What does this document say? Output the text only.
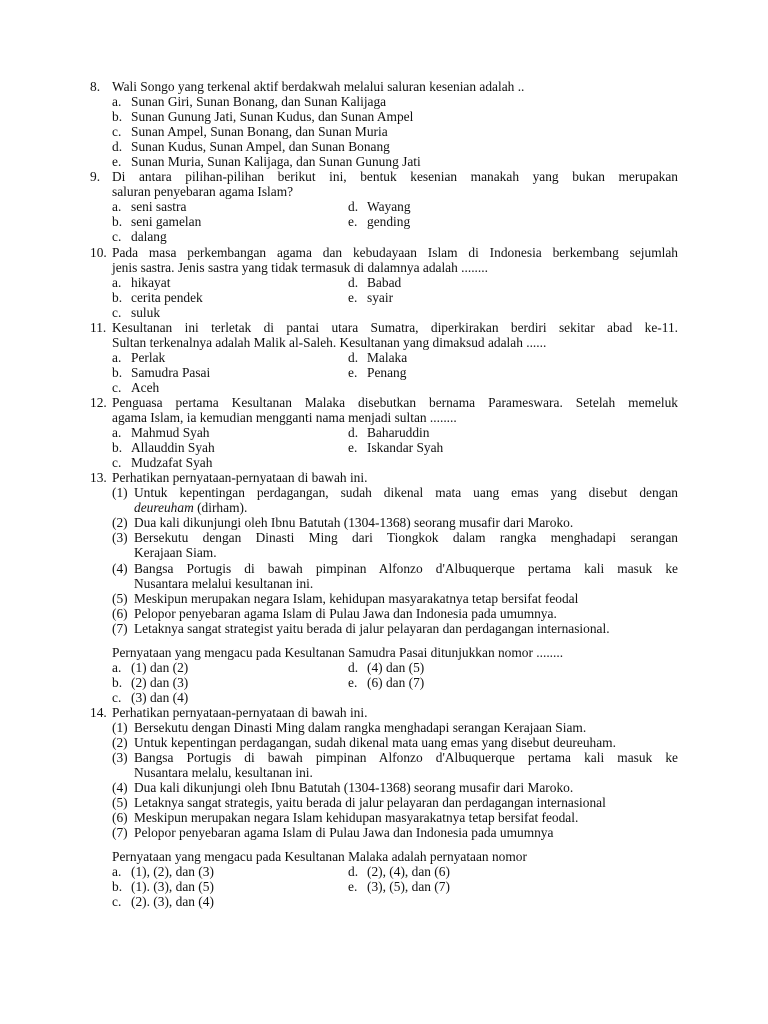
8. Wali Songo yang terkenal aktif berdakwah melalui saluran kesenian adalah ..
a. Sunan Giri, Sunan Bonang, dan Sunan Kalijaga
b. Sunan Gunung Jati, Sunan Kudus, dan Sunan Ampel
c. Sunan Ampel, Sunan Bonang, dan Sunan Muria
d. Sunan Kudus, Sunan Ampel, dan Sunan Bonang
e. Sunan Muria, Sunan Kalijaga, dan Sunan Gunung Jati
9. Di antara pilihan-pilihan berikut ini, bentuk kesenian manakah yang bukan merupakan
saluran penyebaran agama Islam?
a. seni sastra	d. Wayang
b. seni gamelan	e. gending
c. dalang
10. Pada masa perkembangan agama dan kebudayaan Islam di Indonesia berkembang sejumlah
jenis sastra. Jenis sastra yang tidak termasuk di dalamnya adalah ........
a. hikayat	d. Babad
b. cerita pendek	e. syair
c. suluk
11. Kesultanan ini terletak di pantai utara Sumatra, diperkirakan berdiri sekitar abad ke-11.
Sultan terkenalnya adalah Malik al-Saleh. Kesultanan yang dimaksud adalah ......
a. Perlak	d. Malaka
b. Samudra Pasai	e. Penang
c. Aceh
12. Penguasa pertama Kesultanan Malaka disebutkan bernama Parameswara. Setelah memeluk
agama Islam, ia kemudian mengganti nama menjadi sultan ........
a. Mahmud Syah	d. Baharuddin
b. Allauddin Syah	e. Iskandar Syah
c. Mudzafat Syah
13. Perhatikan pernyataan-pernyataan di bawah ini.
(1) Untuk kepentingan perdagangan, sudah dikenal mata uang emas yang disebut dengan
deureuham (dirham).
(2) Dua kali dikunjungi oleh Ibnu Batutah (1304-1368) seorang musafir dari Maroko.
(3) Bersekutu dengan Dinasti Ming dari Tiongkok dalam rangka menghadapi serangan
Kerajaan Siam.
(4) Bangsa Portugis di bawah pimpinan Alfonzo d'Albuquerque pertama kali masuk ke
Nusantara melalui kesultanan ini.
(5) Meskipun merupakan negara Islam, kehidupan masyarakatnya tetap bersifat feodal
(6) Pelopor penyebaran agama Islam di Pulau Jawa dan Indonesia pada umumnya.
(7) Letaknya sangat strategist yaitu berada di jalur pelayaran dan perdagangan internasional.
Pernyataan yang mengacu pada Kesultanan Samudra Pasai ditunjukkan nomor ........
a. (1) dan (2)	d. (4) dan (5)
b. (2) dan (3)	e. (6) dan (7)
c. (3) dan (4)
14. Perhatikan pernyataan-pernyataan di bawah ini.
(1) Bersekutu dengan Dinasti Ming dalam rangka menghadapi serangan Kerajaan Siam.
(2) Untuk kepentingan perdagangan, sudah dikenal mata uang emas yang disebut deureuham.
(3) Bangsa Portugis di bawah pimpinan Alfonzo d'Albuquerque pertama kali masuk ke
Nusantara melalu, kesultanan ini.
(4) Dua kali dikunjungi oleh Ibnu Batutah (1304-1368) seorang musafir dari Maroko.
(5) Letaknya sangat strategis, yaitu berada di jalur pelayaran dan perdagangan internasional
(6) Meskipun merupakan negara Islam kehidupan masyarakatnya tetap bersifat feodal.
(7) Pelopor penyebaran agama Islam di Pulau Jawa dan Indonesia pada umumnya
Pernyataan yang mengacu pada Kesultanan Malaka adalah pernyataan nomor
a. (1), (2), dan (3)	d. (2), (4), dan (6)
b. (1). (3), dan (5)	e. (3), (5), dan (7)
c. (2). (3), dan (4)
